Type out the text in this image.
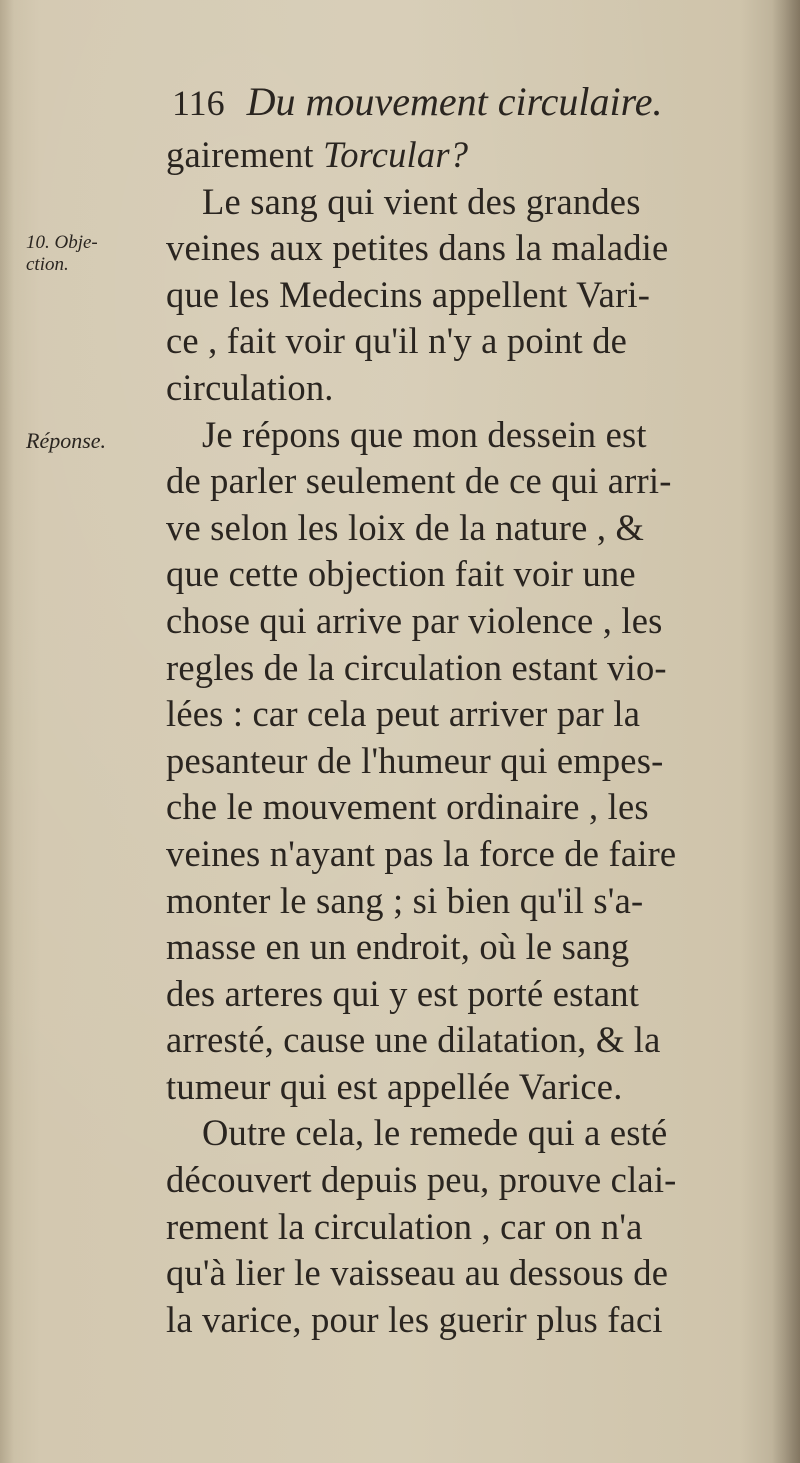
116 Du mouvement circulaire.
10. Obje-
ction.
Réponse.
gairement Torcular?
Le sang qui vient des grandes
veines aux petites dans la maladie
que les Medecins appellent Vari-
ce , fait voir qu'il n'y a point de
circulation.
Je répons que mon dessein est
de parler seulement de ce qui arri-
ve selon les loix de la nature , &
que cette objection fait voir une
chose qui arrive par violence , les
regles de la circulation estant vio-
lées : car cela peut arriver par la
pesanteur de l'humeur qui empes-
che le mouvement ordinaire , les
veines n'ayant pas la force de faire
monter le sang ; si bien qu'il s'a-
masse en un endroit, où le sang
des arteres qui y est porté estant
arresté, cause une dilatation, & la
tumeur qui est appellée Varice.
Outre cela, le remede qui a esté
découvert depuis peu, prouve clai-
rement la circulation , car on n'a
qu'à lier le vaisseau au dessous de
la varice, pour les guerir plus faci
